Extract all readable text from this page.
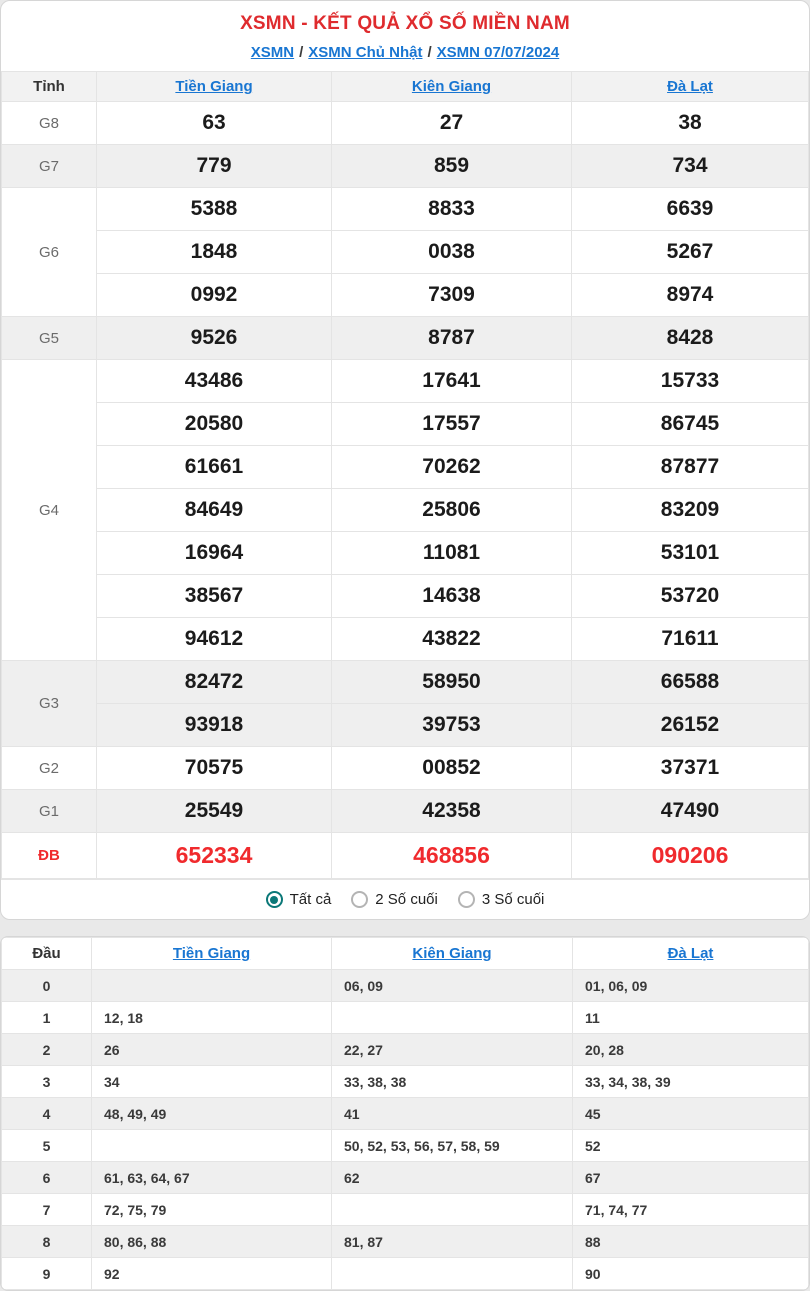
XSMN - KẾT QUẢ XỔ SỐ MIỀN NAM
XSMN / XSMN Chủ Nhật / XSMN 07/07/2024
Tỉnh	Tiền Giang	Kiên Giang	Đà Lạt
G8	63	27	38
G7	779	859	734
G6	5388	8833	6639
	1848	0038	5267
	0992	7309	8974
G5	9526	8787	8428
G4	43486	17641	15733
	20580	17557	86745
	61661	70262	87877
	84649	25806	83209
	16964	11081	53101
	38567	14638	53720
	94612	43822	71611
G3	82472	58950	66588
	93918	39753	26152
G2	70575	00852	37371
G1	25549	42358	47490
ĐB	652334	468856	090206
Tất cả	2 Số cuối	3 Số cuối
Đầu	Tiền Giang	Kiên Giang	Đà Lạt
0		06, 09	01, 06, 09
1	12, 18		11
2	26	22, 27	20, 28
3	34	33, 38, 38	33, 34, 38, 39
4	48, 49, 49	41	45
5		50, 52, 53, 56, 57, 58, 59	52
6	61, 63, 64, 67	62	67
7	72, 75, 79		71, 74, 77
8	80, 86, 88	81, 87	88
9	92		90
